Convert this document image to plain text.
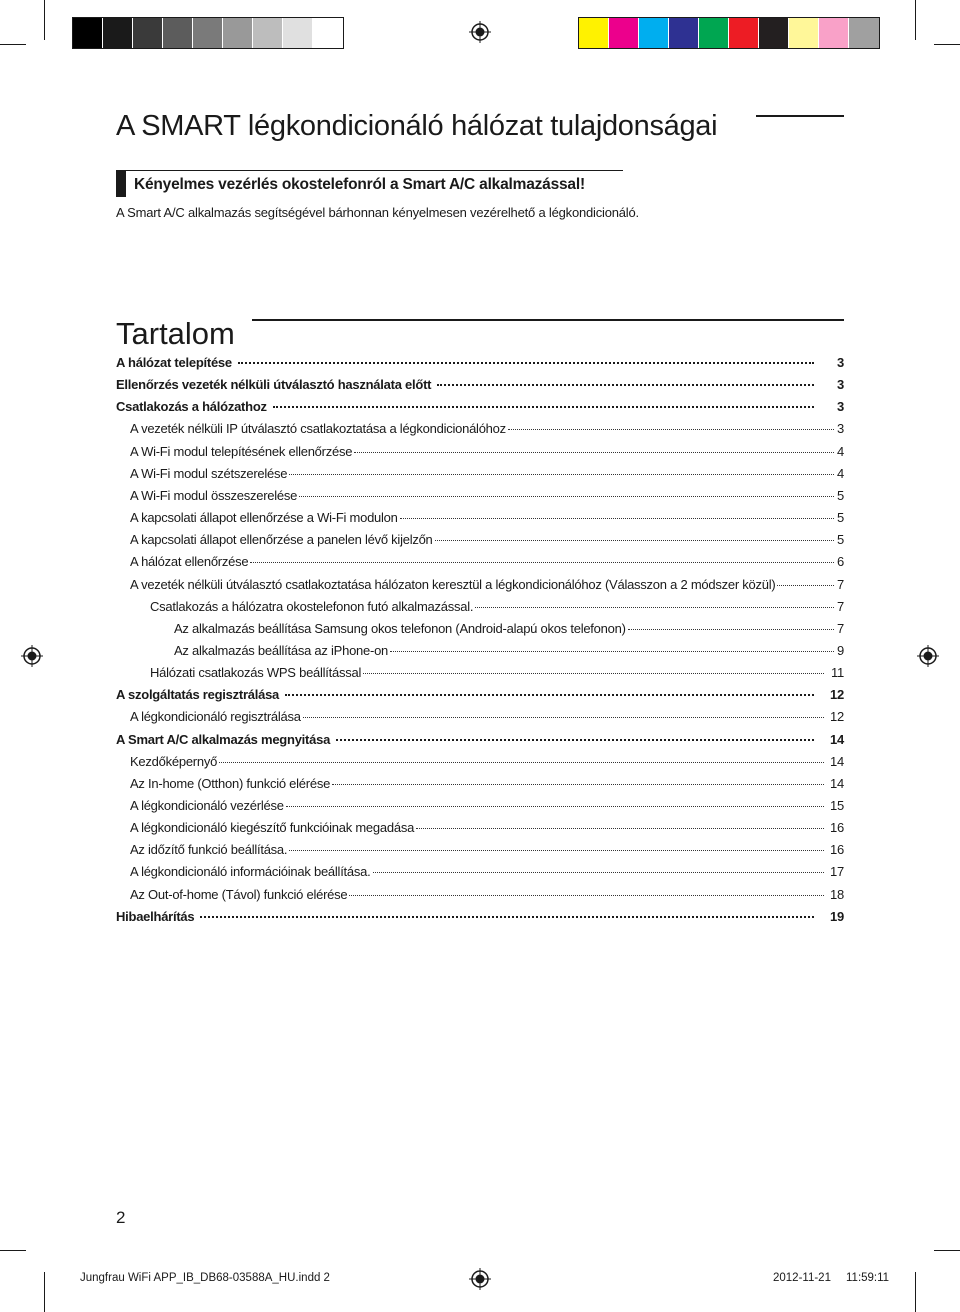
A SMART légkondicionáló hálózat tulajdonságai
Kényelmes vezérlés okostelefonról a Smart A/C alkalmazással!

A Smart A/C alkalmazás segítségével bárhonnan kényelmesen vezérelhető a légkondicionáló.

Tartalom
A hálózat telepítése	3
Ellenőrzés vezeték nélküli útválasztó használata előtt	3
Csatlakozás a hálózathoz	3
A vezeték nélküli IP útválasztó csatlakoztatása a légkondicionálóhoz	3
A Wi-Fi modul telepítésének ellenőrzése	4
A Wi-Fi modul szétszerelése	4
A Wi-Fi modul összeszerelése	5
A kapcsolati állapot ellenőrzése a Wi-Fi modulon	5
A kapcsolati állapot ellenőrzése a panelen lévő kijelzőn	5
A hálózat ellenőrzése	6
A vezeték nélküli útválasztó csatlakoztatása hálózaton keresztül a légkondicionálóhoz (Válasszon a 2 módszer közül)	7
Csatlakozás a hálózatra okostelefonon futó alkalmazással.	7
Az alkalmazás beállítása Samsung okos telefonon (Android-alapú okos telefonon)	7
Az alkalmazás beállítása az iPhone-on	9
Hálózati csatlakozás WPS beállítással	11
A szolgáltatás regisztrálása	12
A légkondicionáló regisztrálása	12
A Smart A/C alkalmazás megnyitása	14
Kezdőképernyő	14
Az In-home (Otthon) funkció elérése	14
A légkondicionáló vezérlése	15
A légkondicionáló kiegészítő funkcióinak megadása	16
Az időzítő funkció beállítása.	16
A légkondicionáló információinak beállítása.	17
Az Out-of-home (Távol) funkció elérése	18
Hibaelhárítás	19
2
Jungfrau WiFi APP_IB_DB68-03588A_HU.indd 2	2012-11-21 11:59:11
